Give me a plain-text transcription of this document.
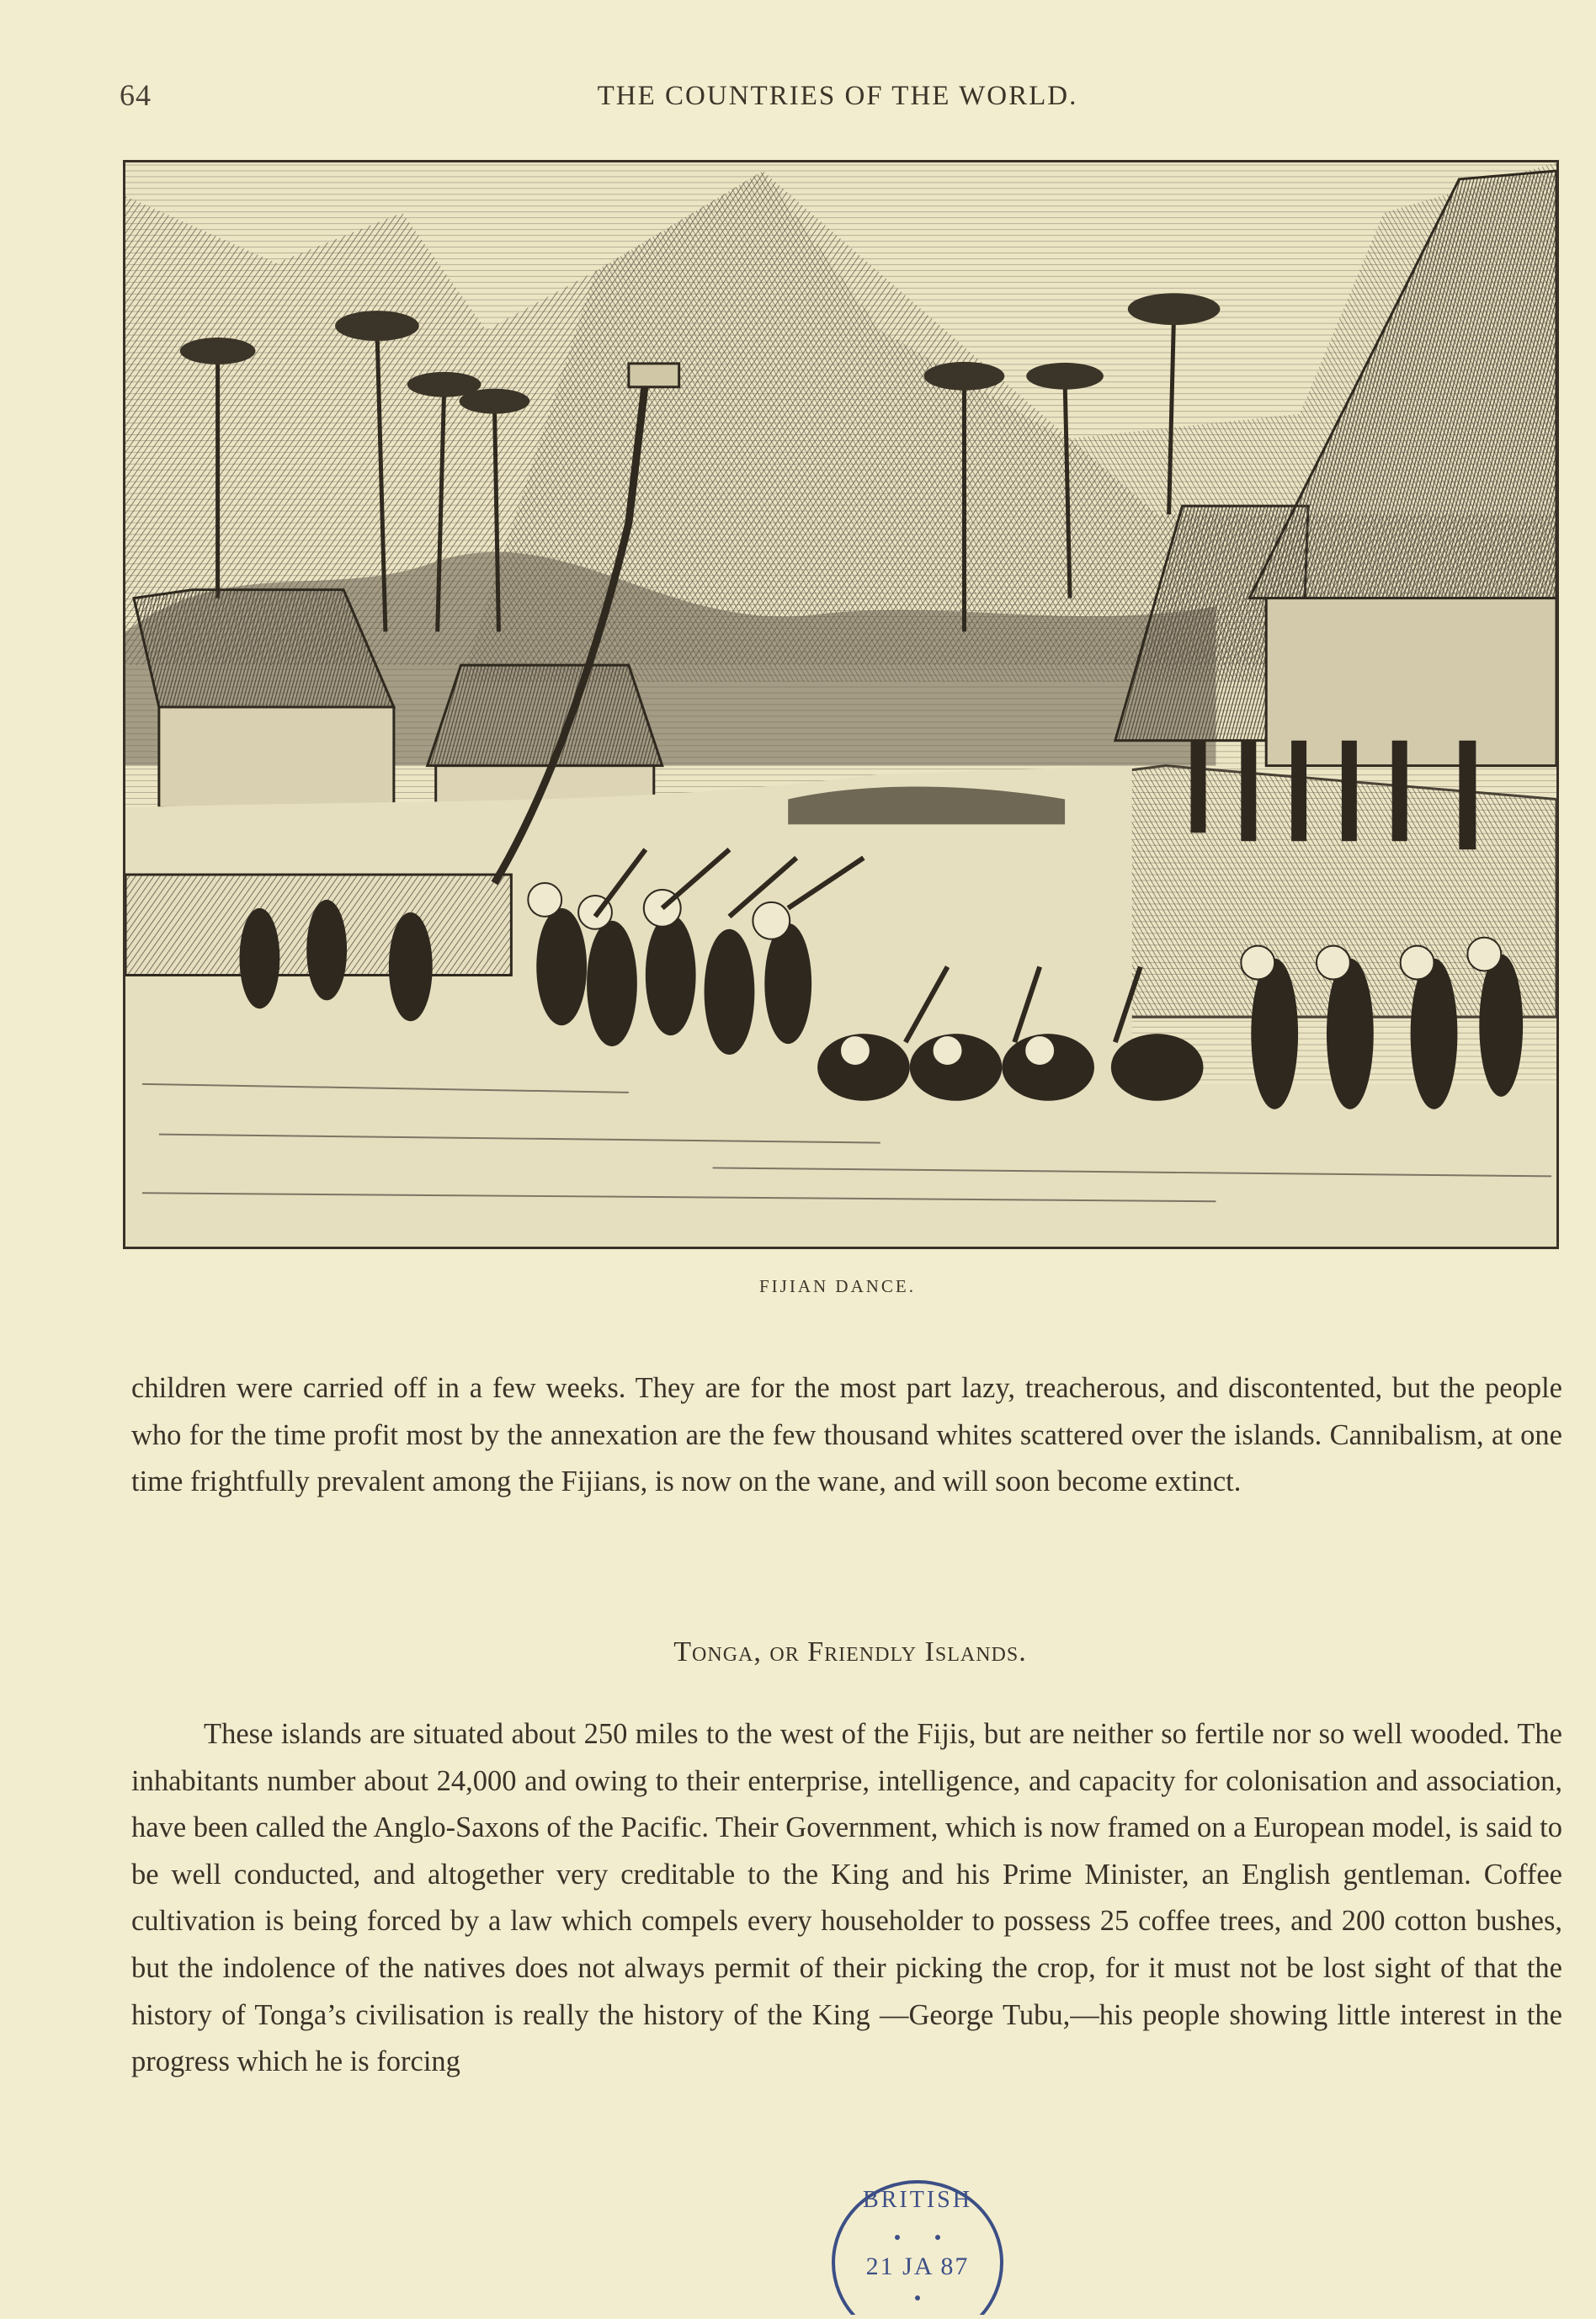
64	THE COUNTRIES OF THE WORLD.
FIJIAN DANCE.

children were carried off in a few weeks. They are for the most part lazy, treacherous, and discontented, but the people who for the time profit most by the annexation are the few thousand whites scattered over the islands. Cannibalism, at one time frightfully prevalent among the Fijians, is now on the wane, and will soon become extinct.

Tonga, or Friendly Islands.

These islands are situated about 250 miles to the west of the Fijis, but are neither so fertile nor so well wooded. The inhabitants number about 24,000 and owing to their enterprise, intelligence, and capacity for colonisation and association, have been called the Anglo-Saxons of the Pacific. Their Government, which is now framed on a European model, is said to be well conducted, and altogether very creditable to the King and his Prime Minister, an English gentleman. Coffee cultivation is being forced by a law which compels every householder to possess 25 coffee trees, and 200 cotton bushes, but the indolence of the natives does not always permit of their picking the crop, for it must not be lost sight of that the history of Tonga’s civilisation is really the history of the King —George Tubu,—his people showing little interest in the progress which he is forcing

BRITISH
21 JA 87
